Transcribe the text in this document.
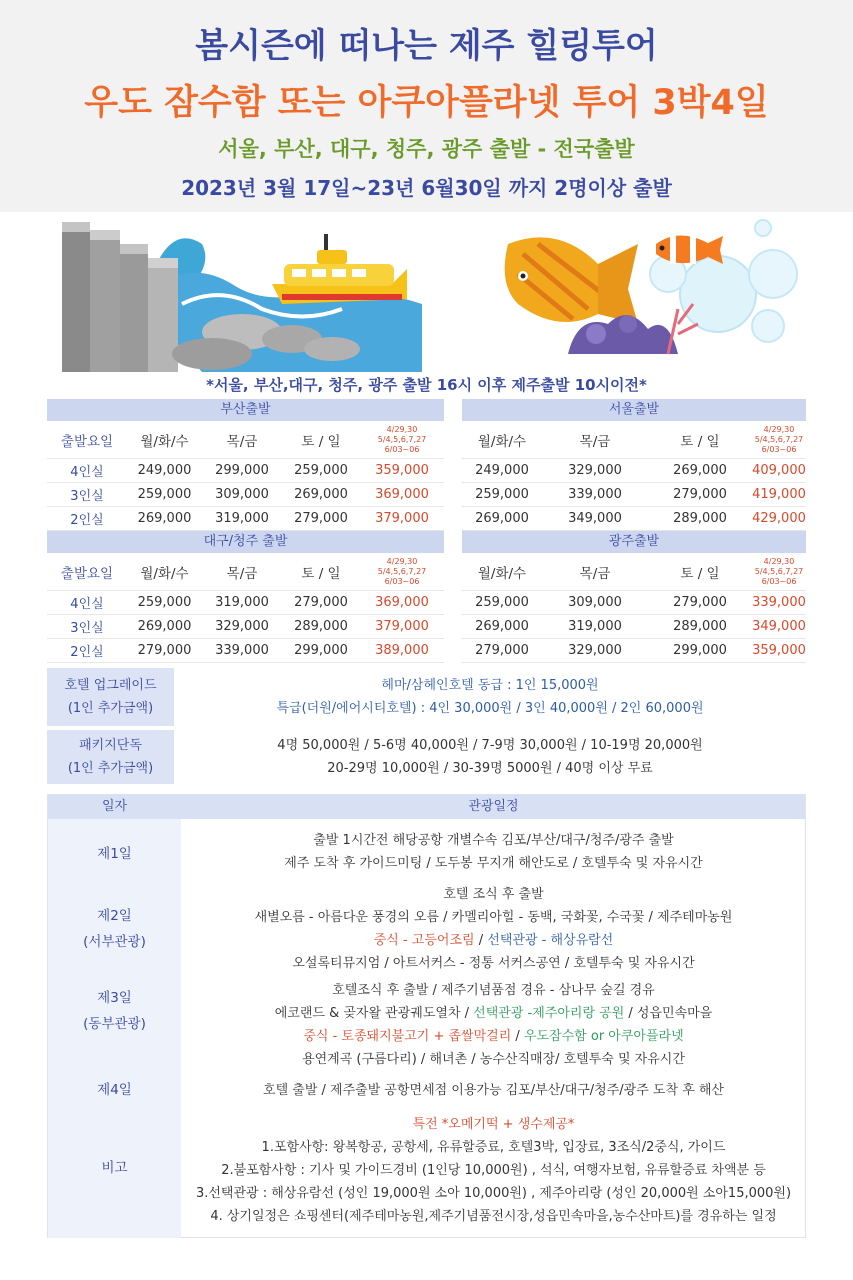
봄시즌에 떠나는 제주 힐링투어
우도 잠수함 또는 아쿠아플라넷 투어 3박4일
서울, 부산, 대구, 청주, 광주 출발 - 전국출발
2023년 3월 17일~23년 6월30일 까지 2명이상 출발
*서울, 부산,대구, 청주, 광주 출발 16시 이후 제주출발 10시이전*
부산출발
출발요일	월/화/수	목/금	토 / 일
4/29,30
5/4,5,6,7,27
6/03~06
4인실	249,000	299,000	259,000	359,000
3인실	259,000	309,000	269,000	369,000
2인실	269,000	319,000	279,000	379,000
서울출발
월/화/수	목/금	토 / 일
4/29,30
5/4,5,6,7,27
6/03~06
249,000	329,000	269,000	409,000
259,000	339,000	279,000	419,000
269,000	349,000	289,000	429,000
대구/청주 출발
출발요일	월/화/수	목/금	토 / 일
4/29,30
5/4,5,6,7,27
6/03~06
4인실	259,000	319,000	279,000	369,000
3인실	269,000	329,000	289,000	379,000
2인실	279,000	339,000	299,000	389,000
광주출발
월/화/수	목/금	토 / 일
4/29,30
5/4,5,6,7,27
6/03~06
259,000	309,000	279,000	339,000
269,000	319,000	289,000	349,000
279,000	329,000	299,000	359,000
호텔 업그레이드
(1인 추가금액)
헤마/삼헤인호텔 동급 : 1인 15,000원
특급(더원/에어시티호텔) : 4인 30,000원 / 3인 40,000원 / 2인 60,000원
패키지단독
(1인 추가금액)
4명 50,000원 / 5-6명 40,000원 / 7-9명 30,000원 / 10-19명 20,000원
20-29명 10,000원 / 30-39명 5000원 / 40명 이상 무료
일자	관광일정
제1일
출발 1시간전 해당공항 개별수속 김포/부산/대구/청주/광주 출발
제주 도착 후 가이드미팅 / 도두봉 무지개 해안도로 / 호텔투숙 및 자유시간
제2일
(서부관광)
호텔 조식 후 출발
새별오름 - 아름다운 풍경의 오름 / 카멜리아힐 - 동백, 국화꽃, 수국꽃 / 제주테마농원
중식 - 고등어조림 / 선택관광 - 해상유람선
오설록티뮤지엄 / 아트서커스 - 정통 서커스공연 / 호텔투숙 및 자유시간
제3일
(동부관광)
호텔조식 후 출발 / 제주기념품점 경유 - 삼나무 숲길 경유
에코랜드 & 곶자왈 관광궤도열차 / 선택관광 -제주아리랑 공원 / 성읍민속마을
중식 - 토종돼지불고기 + 좁쌀막걸리 / 우도잠수함 or 아쿠아플라넷
용연계곡 (구름다리) / 해녀촌 / 농수산직매장/ 호텔투숙 및 자유시간
제4일	호텔 출발 / 제주출발 공항면세점 이용가능 김포/부산/대구/청주/광주 도착 후 해산
비고
특전 *오메기떡 + 생수제공*
1.포함사항: 왕복항공, 공항세, 유류할증료, 호텔3박, 입장료, 3조식/2중식, 가이드
2.불포함사항 : 기사 및 가이드경비 (1인당 10,000원) , 석식, 여행자보험, 유류할증료 차액분 등
3.선택관광 : 해상유람선 (성인 19,000원 소아 10,000원) , 제주아리랑 (성인 20,000원 소아15,000원)
4. 상기일정은 쇼핑센터(제주테마농원,제주기념품전시장,성읍민속마을,농수산마트)를 경유하는 일정
